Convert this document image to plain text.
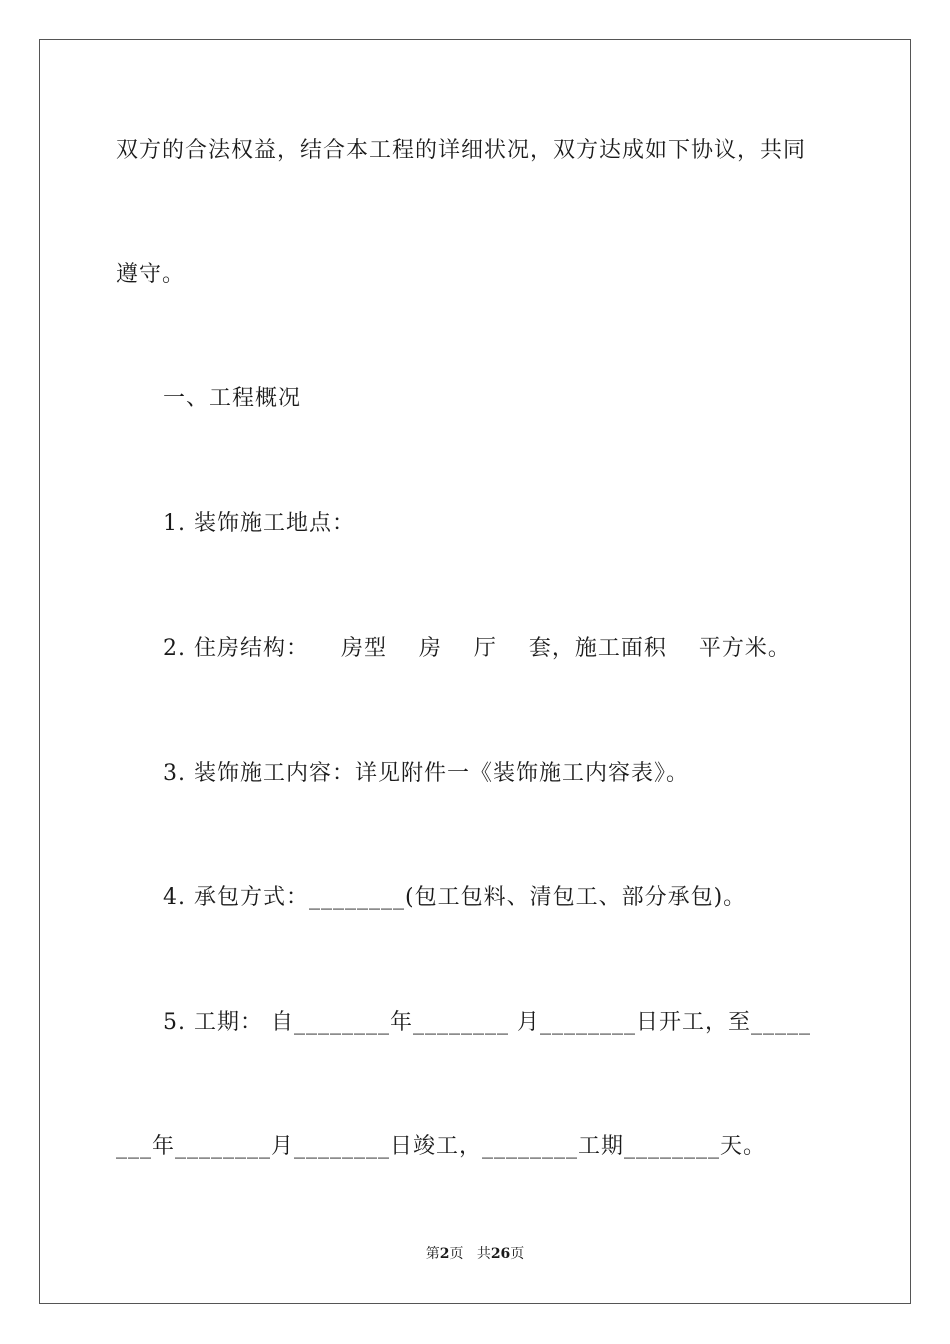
双方的合法权益，结合本工程的详细状况，双方达成如下协议，共同
遵守。
一、工程概况
1. 装饰施工地点：
2. 住房结构：    房型    房    厅    套，施工面积    平方米。
3. 装饰施工内容：详见附件一《装饰施工内容表》。
4. 承包方式：________(包工包料、清包工、部分承包)。
5. 工期： 自________年________ 月________日开工，至_____
___年________月________日竣工，________工期________天。
第2页 共26页
